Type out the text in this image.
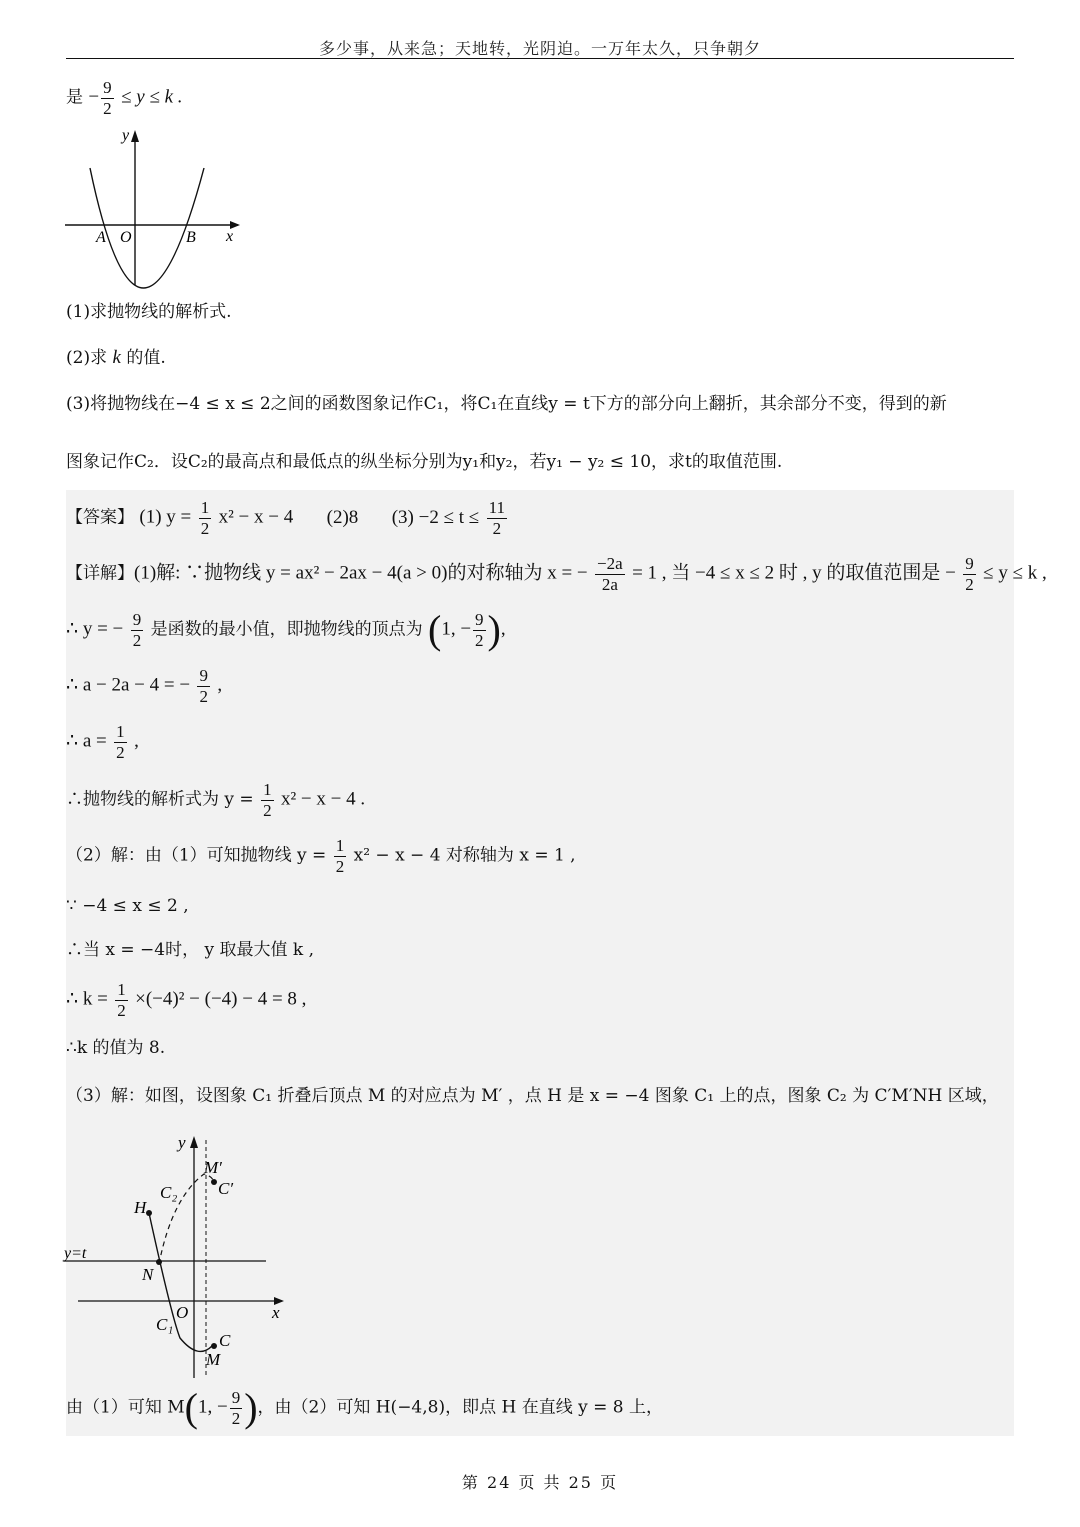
多少事，从来急；天地转，光阴迫。一万年太久，只争朝夕
是 − $\frac{9}{2} \le y \le k$ .
y
x
A O	B
(1)求抛物线的解析式.
(2)求 k 的值.
(3)将抛物线在−4 ≤ x ≤ 2之间的函数图象记作C₁，将C₁在直线y = t下方的部分向上翻折，其余部分不变，得到的新
图象记作C₂．设C₂的最高点和最低点的纵坐标分别为y₁和y₂，若y₁ − y₂ ≤ 10，求t的取值范围.
【答案】 (1) $y = \frac{1}{2} x^2 - x - 4$ (2)8 $(3) -2 \le t \le \frac{11}{2}$
【详解】(1)解: ∵抛物线 y = ax² − 2ax − 4(a > 0)的对称轴为 x = − $\frac{-2a}{2a} = 1$ , 当 −4 ≤ x ≤ 2 时 , y 的取值范围是 − $\frac{9}{2} \le y \le k$ ,
∴ y = − $\frac{9}{2}$ 是函数的最小值，即抛物线的顶点为 (1, − $\frac{9}{2}$ ),
∴ a − 2a − 4 = − $\frac{9}{2}$ ,
∴ $a = \frac{1}{2}$ ,
∴抛物线的解析式为 $y = \frac{1}{2} x^2 - x - 4$ .
（2）解：由（1）可知抛物线 $y = \frac{1}{2} x^2 - x - 4$ 对称轴为 x = 1 ,
∵ −4 ≤ x ≤ 2 ,
∴当 x = −4时， y 取最大值 k ,
∴ $k = \frac{1}{2} \times(-4)^2 - (-4) - 4 = 8$ ,
∴k 的值为 8.
（3）解：如图，设图象 C₁ 折叠后顶点 M 的对应点为 M′ ，点 H 是 x = −4 图象 C₁ 上的点，图象 C₂ 为 C′M′NH 区域，
y
x
O
M′
C′
C₂
H
y=t
N
C₁
C
M
由（1）可知 M(1, − $\frac{9}{2}$ )，由（2）可知 H(−4,8)，即点 H 在直线 y = 8 上，
第 24 页 共 25 页
